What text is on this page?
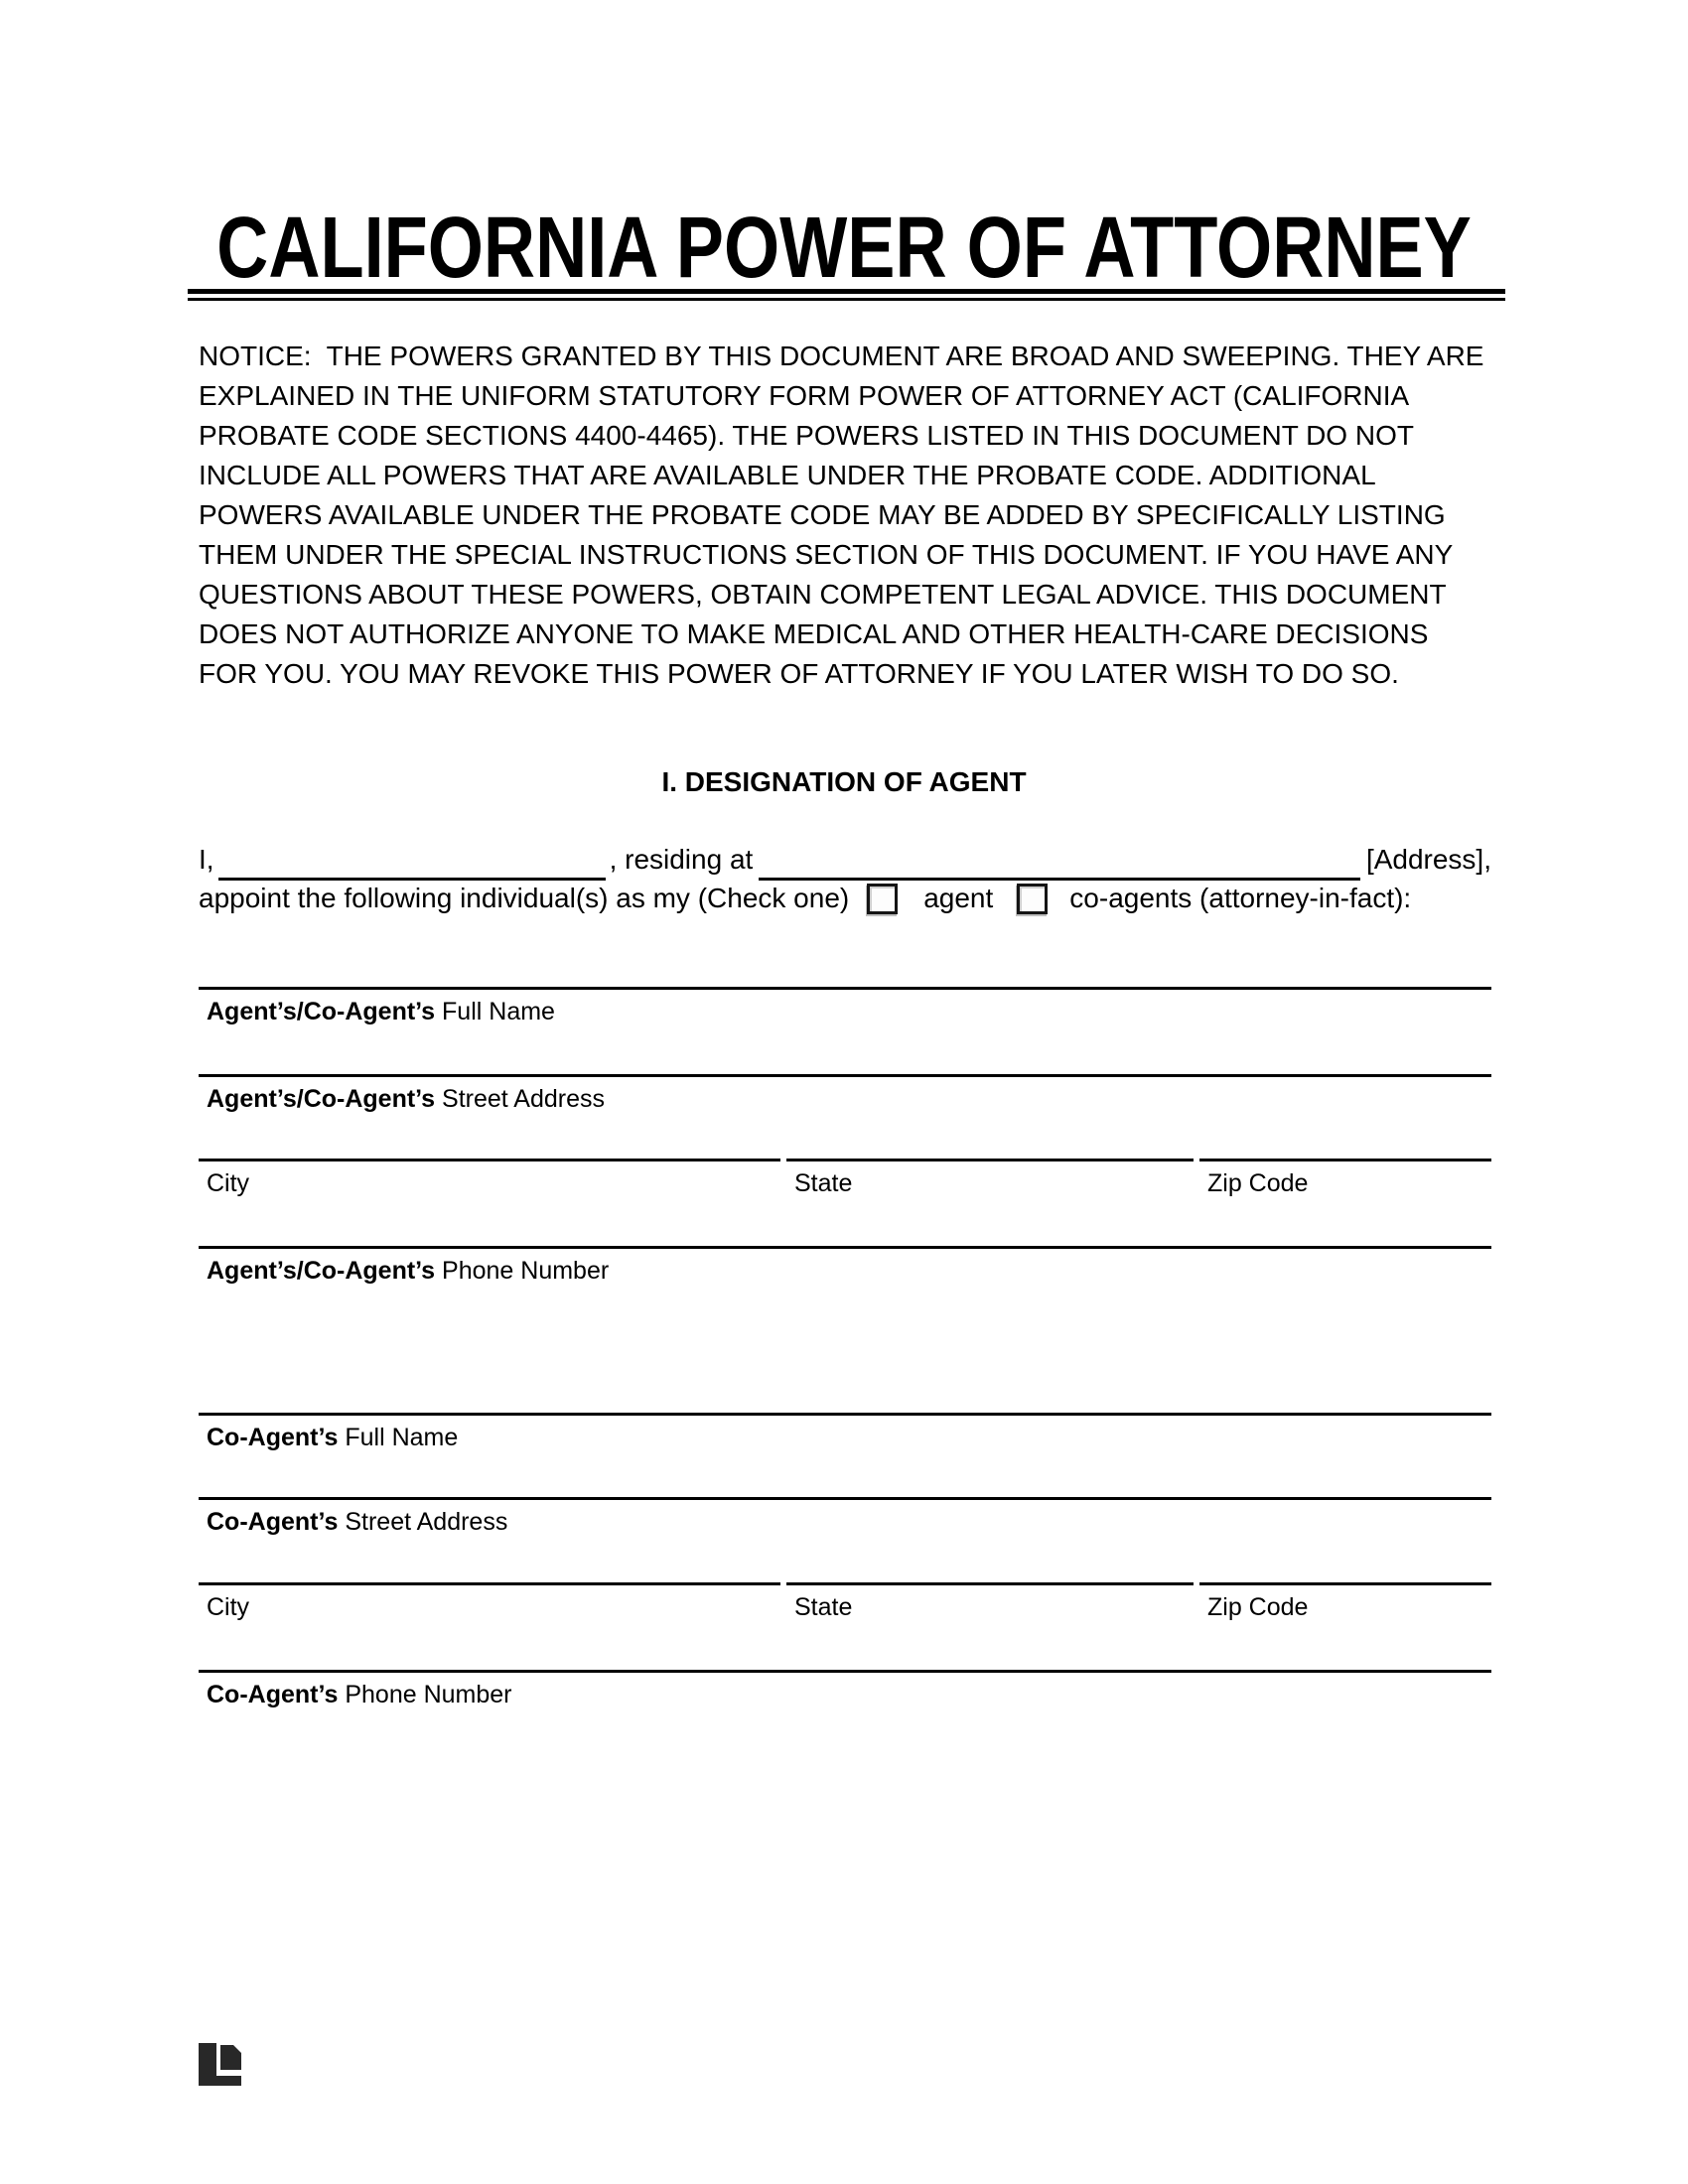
CALIFORNIA POWER OF ATTORNEY
NOTICE:  THE POWERS GRANTED BY THIS DOCUMENT ARE BROAD AND SWEEPING. THEY ARE
EXPLAINED IN THE UNIFORM STATUTORY FORM POWER OF ATTORNEY ACT (CALIFORNIA
PROBATE CODE SECTIONS 4400-4465). THE POWERS LISTED IN THIS DOCUMENT DO NOT
INCLUDE ALL POWERS THAT ARE AVAILABLE UNDER THE PROBATE CODE. ADDITIONAL
POWERS AVAILABLE UNDER THE PROBATE CODE MAY BE ADDED BY SPECIFICALLY LISTING
THEM UNDER THE SPECIAL INSTRUCTIONS SECTION OF THIS DOCUMENT. IF YOU HAVE ANY
QUESTIONS ABOUT THESE POWERS, OBTAIN COMPETENT LEGAL ADVICE. THIS DOCUMENT
DOES NOT AUTHORIZE ANYONE TO MAKE MEDICAL AND OTHER HEALTH-CARE DECISIONS
FOR YOU. YOU MAY REVOKE THIS POWER OF ATTORNEY IF YOU LATER WISH TO DO SO.
I. DESIGNATION OF AGENT
I,	, residing at	[Address],
appoint the following individual(s) as my (Check one)	agent	co-agents (attorney-in-fact):
Agent’s/Co-Agent’s Full Name
Agent’s/Co-Agent’s Street Address
City	State	Zip Code
Agent’s/Co-Agent’s Phone Number
Co-Agent’s Full Name
Co-Agent’s Street Address
City	State	Zip Code
Co-Agent’s Phone Number
